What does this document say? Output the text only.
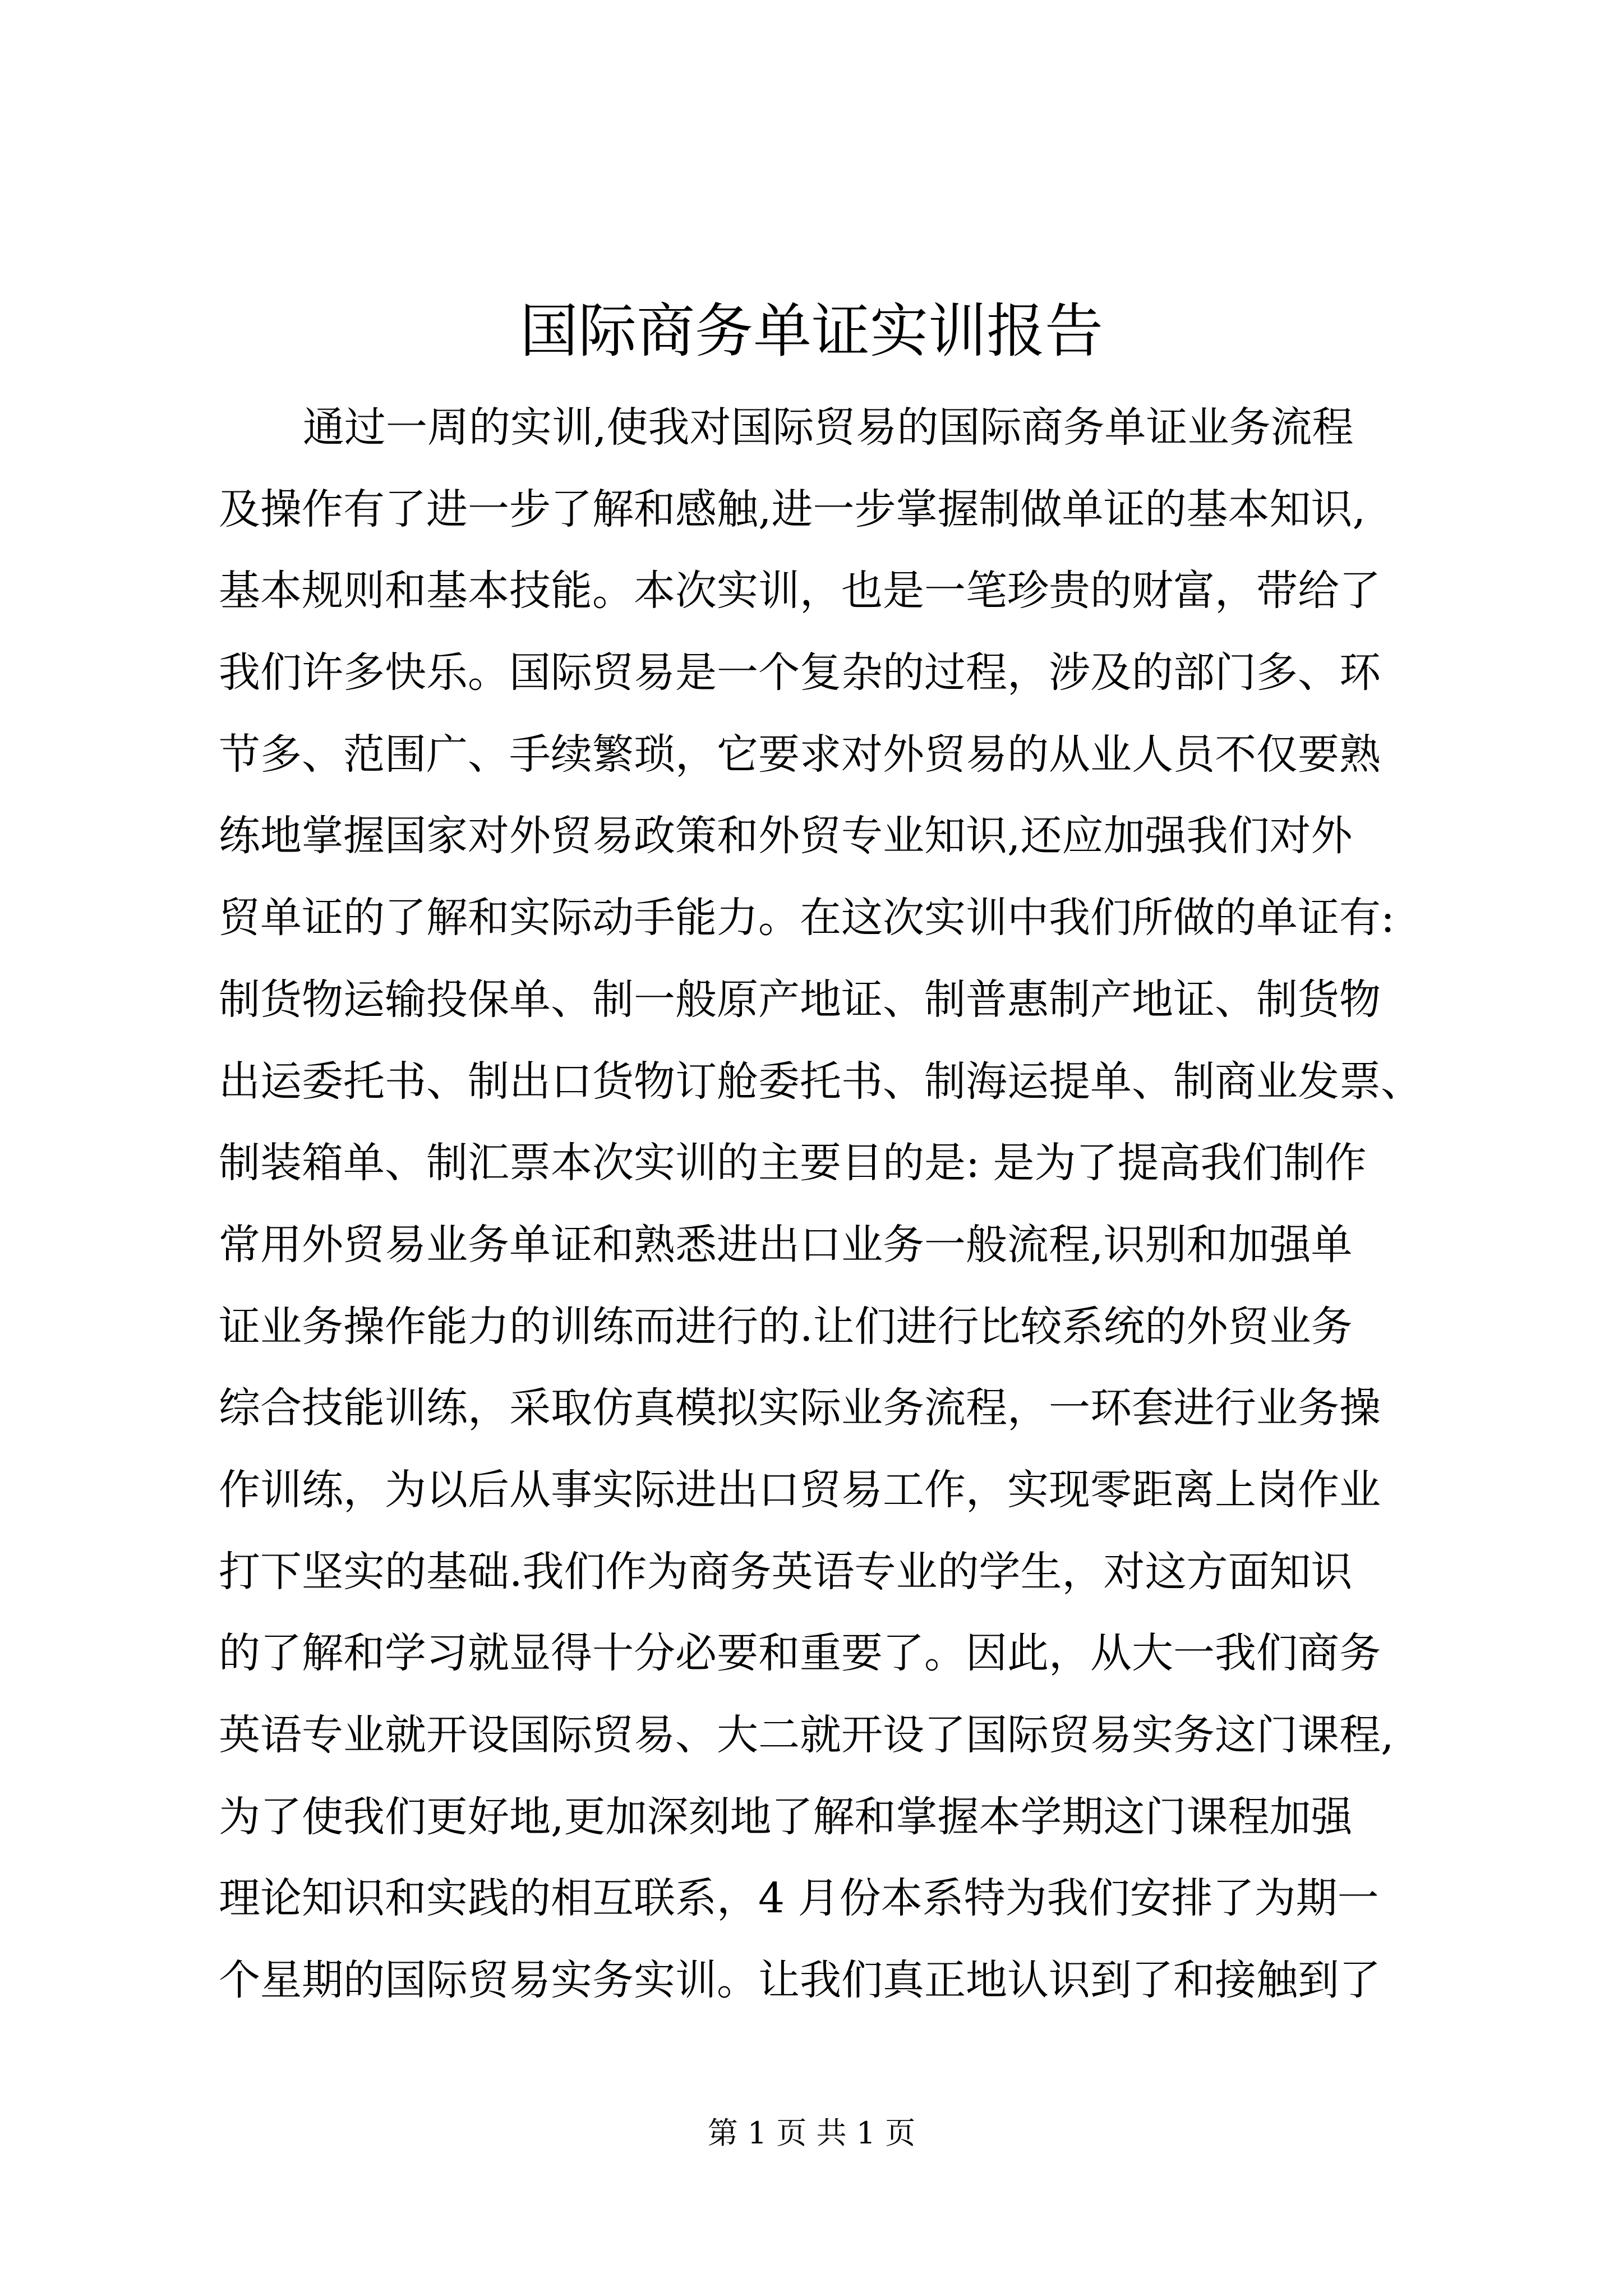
国际商务单证实训报告
通过一周的实训,使我对国际贸易的国际商务单证业务流程
及操作有了进一步了解和感触,进一步掌握制做单证的基本知识,
基本规则和基本技能。本次实训，也是一笔珍贵的财富，带给了
我们许多快乐。国际贸易是一个复杂的过程，涉及的部门多、环
节多、范围广、手续繁琐，它要求对外贸易的从业人员不仅要熟
练地掌握国家对外贸易政策和外贸专业知识,还应加强我们对外
贸单证的了解和实际动手能力。在这次实训中我们所做的单证有:
制货物运输投保单、制一般原产地证、制普惠制产地证、制货物
出运委托书、制出口货物订舱委托书、制海运提单、制商业发票、
制装箱单、制汇票本次实训的主要目的是: 是为了提高我们制作
常用外贸易业务单证和熟悉进出口业务一般流程,识别和加强单
证业务操作能力的训练而进行的.让们进行比较系统的外贸业务
综合技能训练，采取仿真模拟实际业务流程，一环套进行业务操
作训练，为以后从事实际进出口贸易工作，实现零距离上岗作业
打下坚实的基础.我们作为商务英语专业的学生，对这方面知识
的了解和学习就显得十分必要和重要了。因此，从大一我们商务
英语专业就开设国际贸易、大二就开设了国际贸易实务这门课程,
为了使我们更好地,更加深刻地了解和掌握本学期这门课程加强
理论知识和实践的相互联系，4 月份本系特为我们安排了为期一
个星期的国际贸易实务实训。让我们真正地认识到了和接触到了
第 1 页 共 1 页
